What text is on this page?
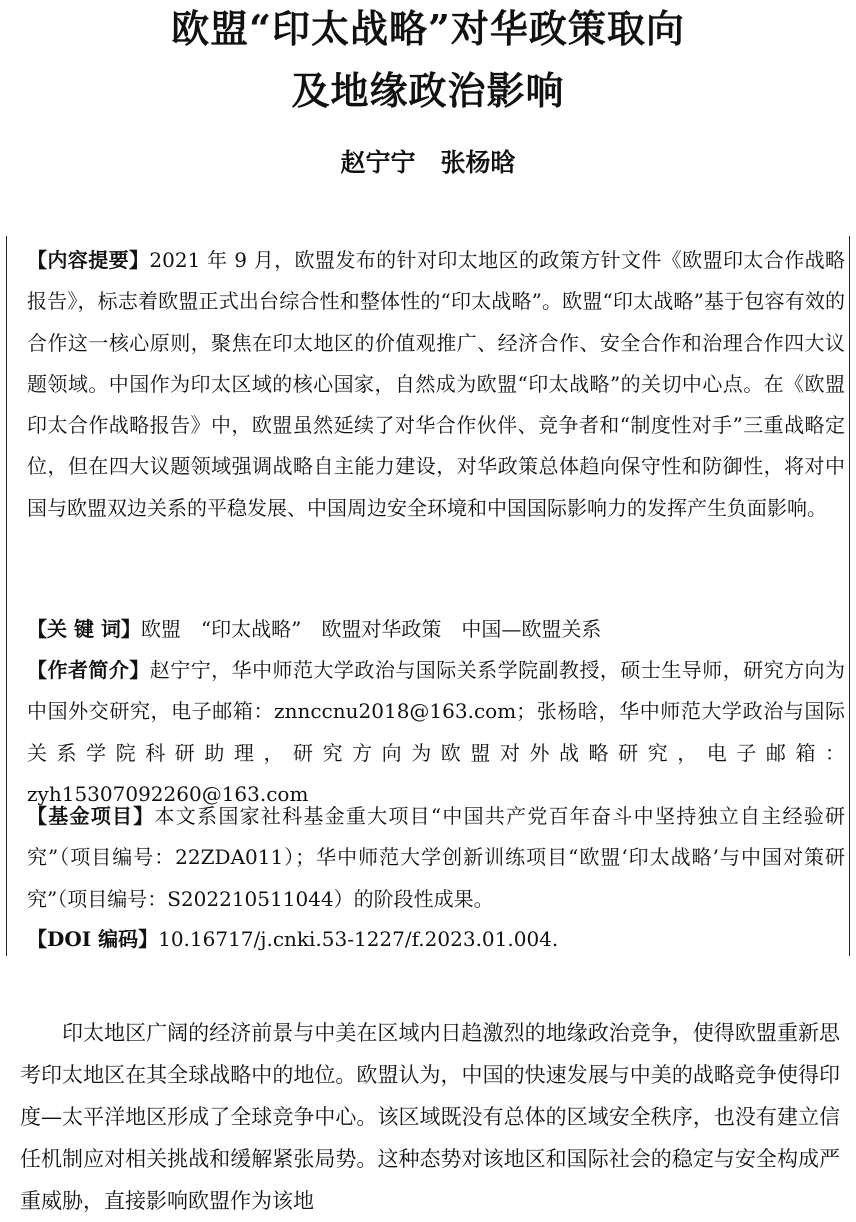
欧盟“印太战略”对华政策取向
及地缘政治影响
赵宁宁　张杨晗

【内容提要】2021 年 9 月，欧盟发布的针对印太地区的政策方针文件《欧盟印太合作战略报告》，标志着欧盟正式出台综合性和整体性的“印太战略”。欧盟“印太战略”基于包容有效的合作这一核心原则，聚焦在印太地区的价值观推广、经济合作、安全合作和治理合作四大议题领域。中国作为印太区域的核心国家，自然成为欧盟“印太战略”的关切中心点。在《欧盟印太合作战略报告》中，欧盟虽然延续了对华合作伙伴、竞争者和“制度性对手”三重战略定位，但在四大议题领域强调战略自主能力建设，对华政策总体趋向保守性和防御性，将对中国与欧盟双边关系的平稳发展、中国周边安全环境和中国国际影响力的发挥产生负面影响。

【关 键 词】欧盟　“印太战略”　欧盟对华政策　中国—欧盟关系

【作者简介】赵宁宁，华中师范大学政治与国际关系学院副教授，硕士生导师，研究方向为中国外交研究，电子邮箱：znnccnu2018@163.com；张杨晗，华中师范大学政治与国际关系学院科研助理，研究方向为欧盟对外战略研究，电子邮箱：zyh15307092260@163.com

【基金项目】本文系国家社科基金重大项目“中国共产党百年奋斗中坚持独立自主经验研究”（项目编号：22ZDA011）；华中师范大学创新训练项目“欧盟‘印太战略’与中国对策研究”（项目编号：S202210511044）的阶段性成果。

【DOI 编码】10.16717/j.cnki.53-1227/f.2023.01.004.

印太地区广阔的经济前景与中美在区域内日趋激烈的地缘政治竞争，使得欧盟重新思考印太地区在其全球战略中的地位。欧盟认为，中国的快速发展与中美的战略竞争使得印度—太平洋地区形成了全球竞争中心。该区域既没有总体的区域安全秩序，也没有建立信任机制应对相关挑战和缓解紧张局势。这种态势对该地区和国际社会的稳定与安全构成严重威胁，直接影响欧盟作为该地
